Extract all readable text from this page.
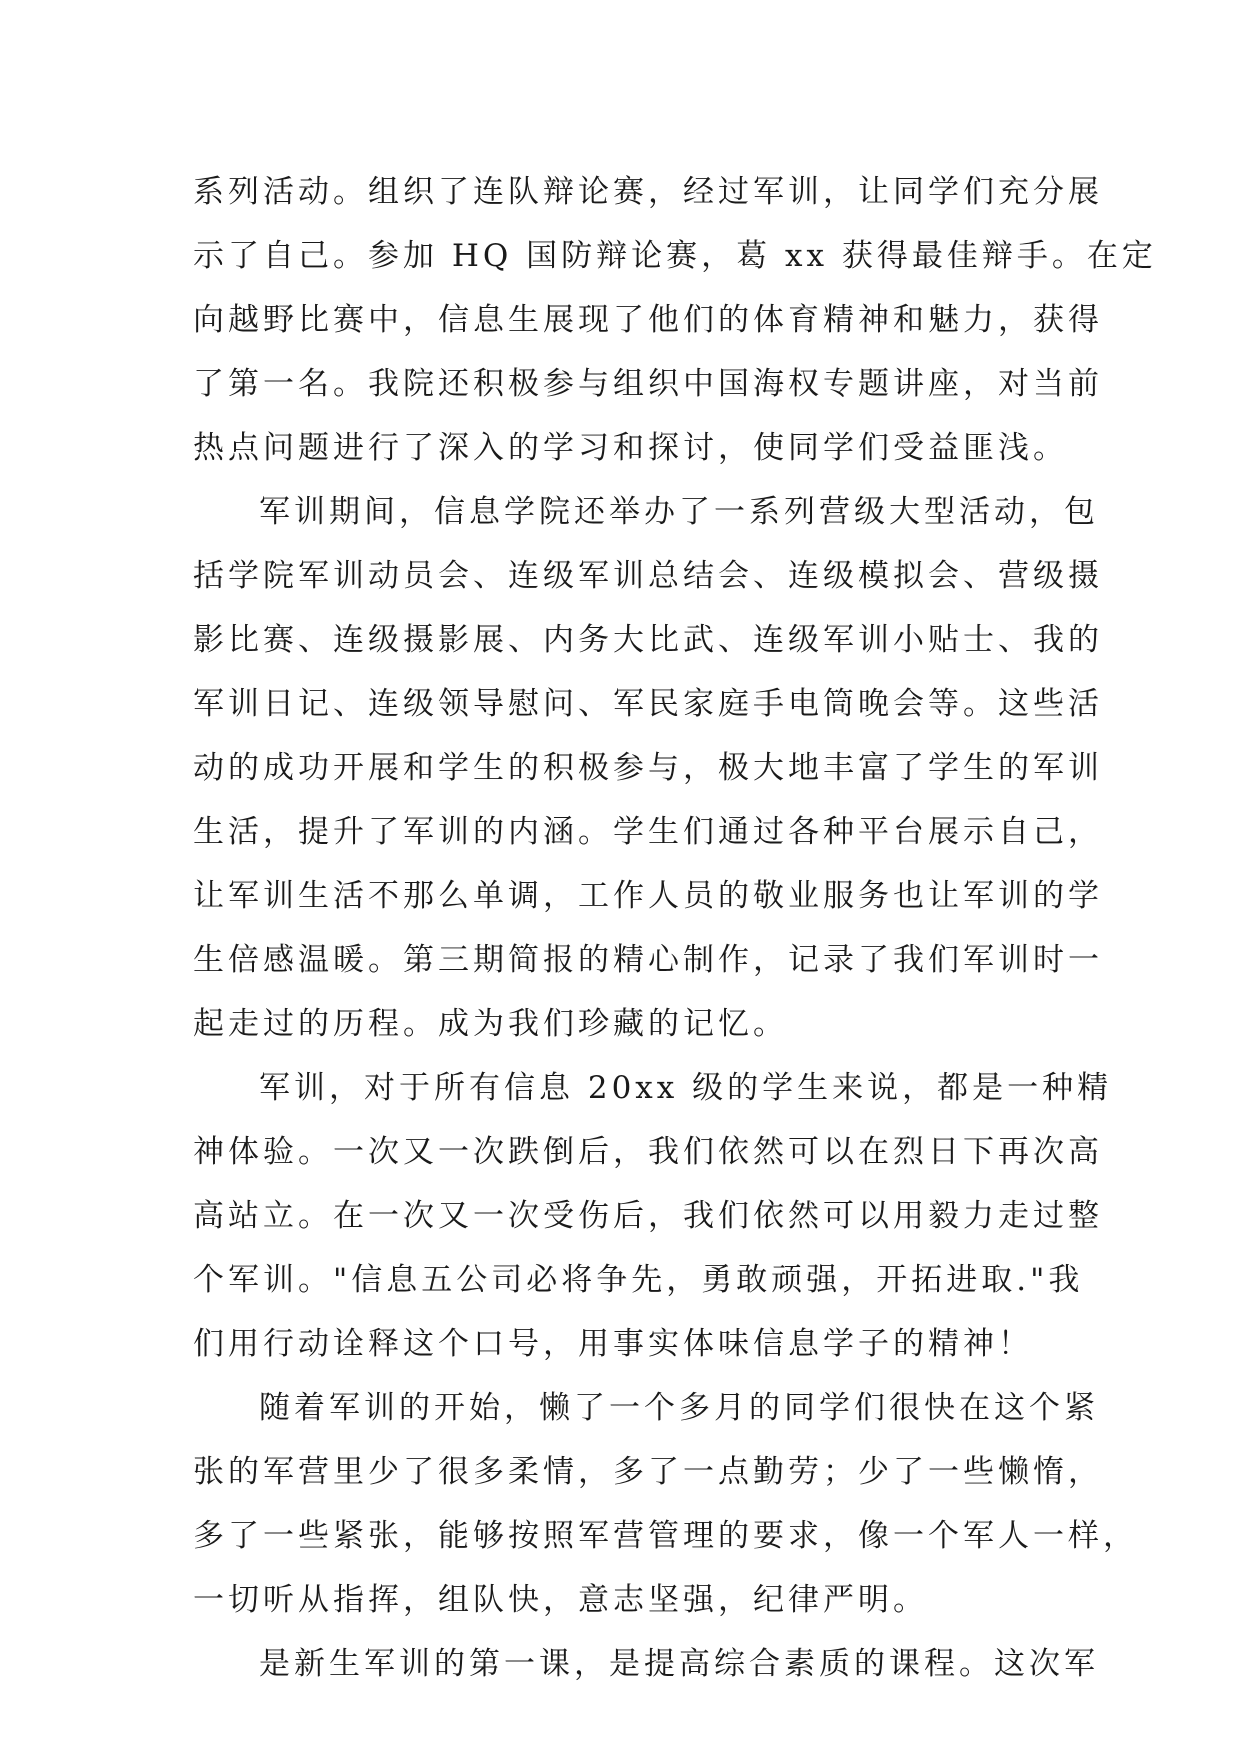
系列活动。组织了连队辩论赛，经过军训，让同学们充分展
示了自己。参加 HQ 国防辩论赛，葛 xx 获得最佳辩手。在定
向越野比赛中，信息生展现了他们的体育精神和魅力，获得
了第一名。我院还积极参与组织中国海权专题讲座，对当前
热点问题进行了深入的学习和探讨，使同学们受益匪浅。
军训期间，信息学院还举办了一系列营级大型活动，包
括学院军训动员会、连级军训总结会、连级模拟会、营级摄
影比赛、连级摄影展、内务大比武、连级军训小贴士、我的
军训日记、连级领导慰问、军民家庭手电筒晚会等。这些活
动的成功开展和学生的积极参与，极大地丰富了学生的军训
生活，提升了军训的内涵。学生们通过各种平台展示自己，
让军训生活不那么单调，工作人员的敬业服务也让军训的学
生倍感温暖。第三期简报的精心制作，记录了我们军训时一
起走过的历程。成为我们珍藏的记忆。
军训，对于所有信息 20xx 级的学生来说，都是一种精
神体验。一次又一次跌倒后，我们依然可以在烈日下再次高
高站立。在一次又一次受伤后，我们依然可以用毅力走过整
个军训。"信息五公司必将争先，勇敢顽强，开拓进取."我
们用行动诠释这个口号，用事实体味信息学子的精神！
随着军训的开始，懒了一个多月的同学们很快在这个紧
张的军营里少了很多柔情，多了一点勤劳；少了一些懒惰，
多了一些紧张，能够按照军营管理的要求，像一个军人一样，
一切听从指挥，组队快，意志坚强，纪律严明。
是新生军训的第一课，是提高综合素质的课程。这次军
